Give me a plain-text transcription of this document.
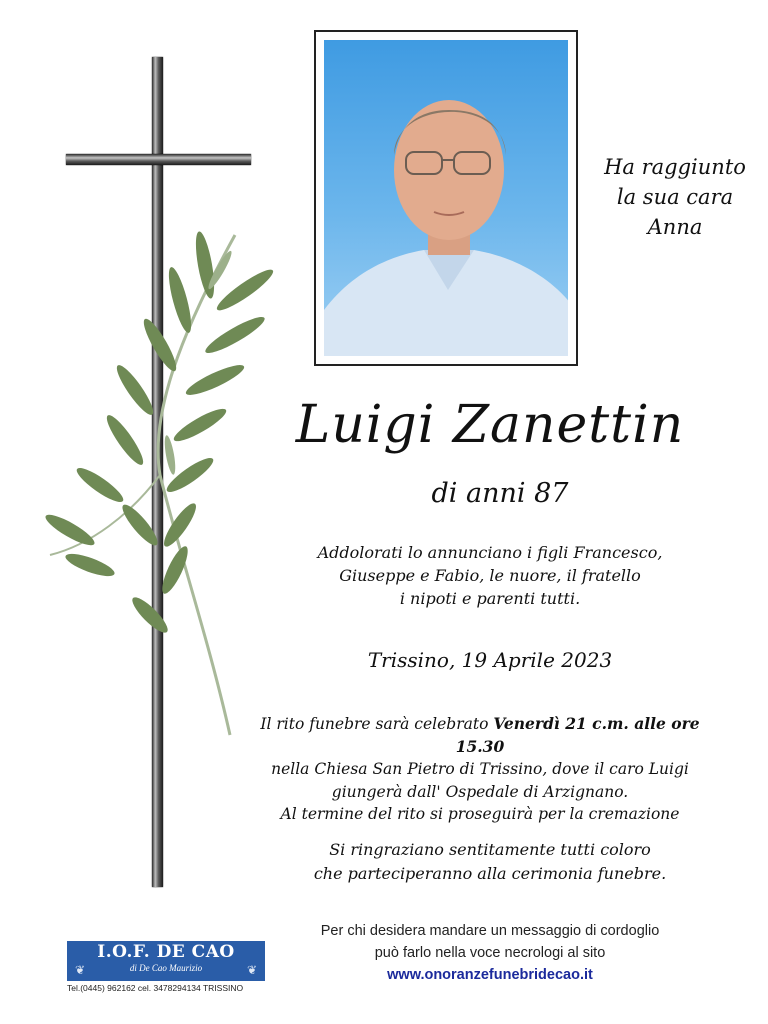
Ha raggiunto
la sua cara
Anna
Luigi Zanettin
di anni 87
Addolorati lo annunciano i figli Francesco,
Giuseppe e Fabio, le nuore, il fratello
i nipoti e parenti tutti.
Trissino, 19 Aprile 2023
Il rito funebre sarà celebrato Venerdì 21 c.m. alle ore 15.30
nella Chiesa San Pietro di Trissino, dove il caro Luigi
giungerà dall' Ospedale di Arzignano.
Al termine del rito si proseguirà per la cremazione
Si ringraziano sentitamente tutti coloro
che parteciperanno alla cerimonia funebre.
Per chi desidera mandare un messaggio di cordoglio
può farlo nella voce necrologi al sito
www.onoranzefunebridecao.it
I.O.F. DE CAO
di De Cao Maurizio
❦	❦
Tel.(0445) 962162 cel. 3478294134 TRISSINO
